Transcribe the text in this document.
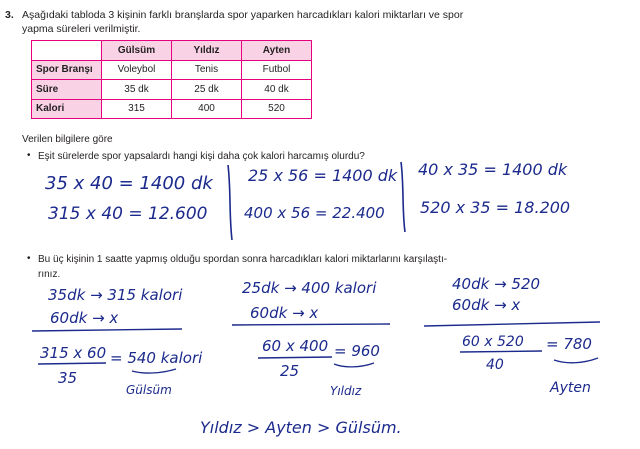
3. Aşağıdaki tabloda 3 kişinin farklı branşlarda spor yaparken harcadıkları kalori miktarları ve spor
yapma süreleri verilmiştir.
	Gülsüm	Yıldız	Ayten
Spor Branşı	Voleybol	Tenis	Futbol
Süre	35 dk	25 dk	40 dk
Kalori	315	400	520
Verilen bilgilere göre
• Eşit sürelerde spor yapsalardı hangi kişi daha çok kalori harcamış olurdu?
• Bu üç kişinin 1 saatte yapmış olduğu spordan sonra harcadıkları kalori miktarlarını karşılaştı-
rınız.
35 x 40 = 1400 dk
315 x 40 = 12.600
25 x 56 = 1400 dk
400 x 56 = 22.400
40 x 35 = 1400 dk
520 x 35 = 18.200
35dk → 315 kalori
60dk → x
315 x 60
35
= 540 kalori
Gülsüm
25dk → 400 kalori
60dk → x
60 x 400
25
= 960
Yıldız
40dk → 520
60dk → x
60 x 520
40
= 780
Ayten
Yıldız > Ayten > Gülsüm.
